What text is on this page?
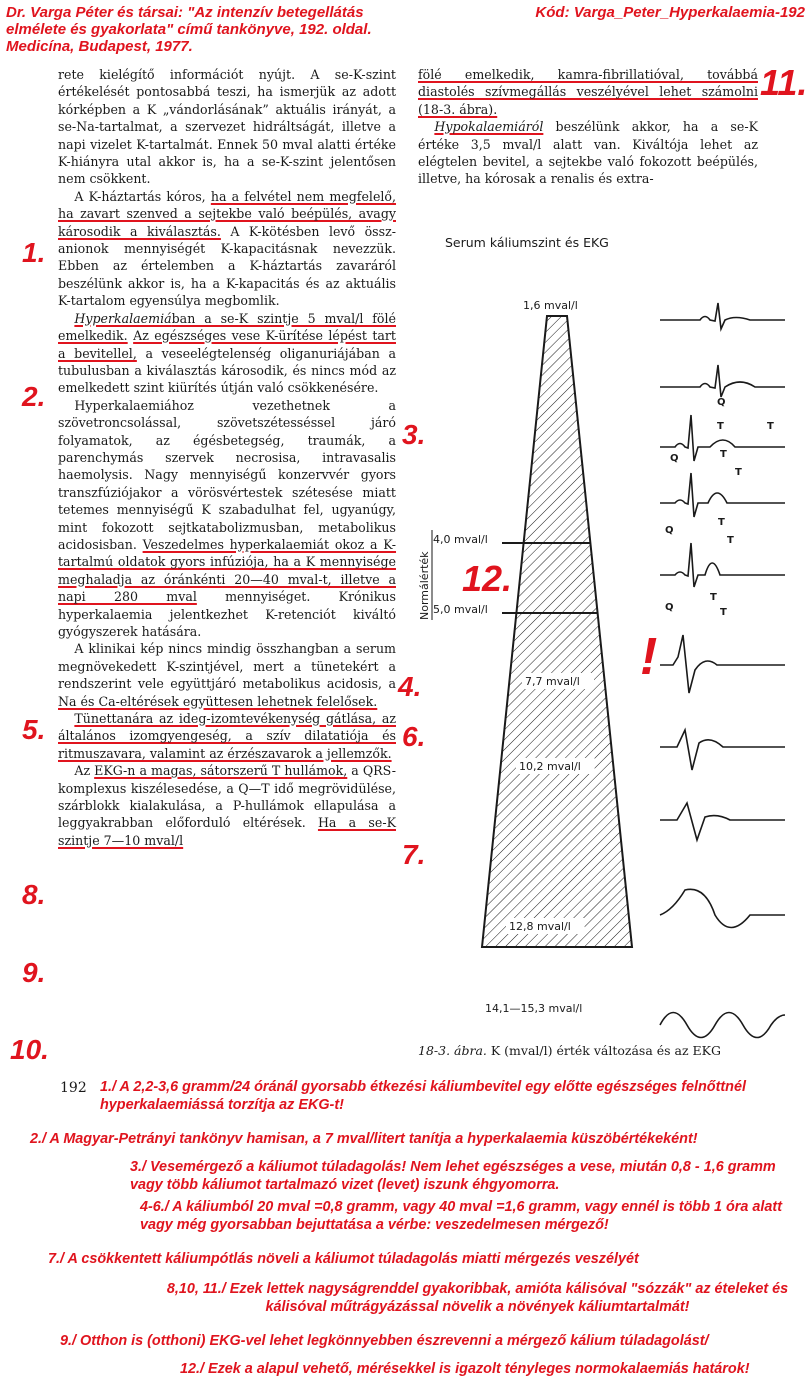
Dr. Varga Péter és társai: "Az intenzív betegellátás elmélete és gyakorlata" című tankönyve, 192. oldal. Medicína, Budapest, 1977.
Kód: Varga_Peter_Hyperkalaemia-192

rete kielégítő információt nyújt. A se-K-szint értékelését pontosabbá teszi, ha ismerjük az adott kórképben a K „vándorlásának” aktuális irányát, a se-Na-tartalmat, a szervezet hidráltságát, illetve a napi vizelet K-tartalmát. Ennek 50 mval alatti értéke K-hiányra utal akkor is, ha a se-K-szint jelentősen nem csökkent.

A K-háztartás kóros, ha a felvétel nem megfelelő, ha zavart szenved a sejtekbe való beépülés, avagy károsodik a kiválasztás. A K-kötésben levő össz-anionok mennyiségét K-kapacitásnak nevezzük. Ebben az értelemben a K-háztartás zavaráról beszélünk akkor is, ha a K-kapacitás és az aktuális K-tartalom egyensúlya megbomlik.

Hyperkalaemiában a se-K szintje 5 mval/l fölé emelkedik. Az egészséges vese K-ürítése lépést tart a bevitellel, a veseelégtelenség oliganuriájában a tubulusban a kiválasztás károsodik, és nincs mód az emelkedett szint kiürítés útján való csökkenésére.

Hyperkalaemiához vezethetnek a szövetroncsolással, szövetszétesséssel járó folyamatok, az égésbetegség, traumák, a parenchymás szervek necrosisa, intravasalis haemolysis. Nagy mennyiségű konzervvér gyors transzfúziójakor a vörösvértestek szétesése miatt tetemes mennyiségű K szabadulhat fel, ugyanúgy, mint fokozott sejtkatabolizmusban, metabolikus acidosisban. Veszedelmes hyperkalaemiát okoz a K-tartalmú oldatok gyors infúziója, ha a K mennyisége meghaladja az óránkénti 20—40 mval-t, illetve a napi 280 mval mennyiséget. Krónikus hyperkalaemia jelentkezhet K-retenciót kiváltó gyógyszerek hatására.

A klinikai kép nincs mindig összhangban a serum megnövekedett K-szintjével, mert a tünetekért a rendszerint vele együttjáró metabolikus acidosis, a Na és Ca-eltérések együttesen lehetnek felelősek.

Tünettanára az ideg-izomtevékenység gátlása, az általános izomgyengeség, a szív dilatatiója és ritmuszavara, valamint az érzészavarok a jellemzők.

Az EKG-n a magas, sátorszerű T hullámok, a QRS-komplexus kiszélesedése, a Q—T idő megrövidülése, szárblokk kialakulása, a P-hullámok ellapulása a leggyakrabban előforduló eltérések. Ha a se-K szintje 7—10 mval/l

fölé emelkedik, kamra-fibrillatióval, továbbá diastolés szívmegállás veszélyével lehet számolni (18-3. ábra).

Hypokalaemiáról beszélünk akkor, ha a se-K értéke 3,5 mval/l alatt van. Kiváltója lehet az elégtelen bevitel, a sejtekbe való fokozott beépülés, illetve, ha kórosak a renalis és extra-

1.
2.
3.
4.
5.	6.
7.
8.
9.
10.
11.
12.
!
Serum káliumszint és EKG
1,6 mval/l
4,0 mval/l
5,0 mval/l
7,7 mval/l
10,2 mval/l
12,8 mval/l
14,1—15,3 mval/l
Normálérték
Q
T	T
Q	T
T
Q
T
T
Q
T
T
18-3. ábra. K (mval/l) érték változása és az EKG
192 1./ A 2,2-3,6 gramm/24 óránál gyorsabb étkezési káliumbevitel egy előtte egészséges felnőttnél hyperkalaemiássá torzítja az EKG-t!
2./ A Magyar-Petrányi tankönyv hamisan, a 7 mval/litert tanítja a hyperkalaemia küszöbértékeként!
3./ Vesemérgező a káliumot túladagolás! Nem lehet egészséges a vese, miután 0,8 - 1,6 gramm vagy több káliumot tartalmazó vizet (levet) iszunk éhgyomorra.
4-6./ A káliumból 20 mval =0,8 gramm, vagy 40 mval =1,6 gramm, vagy ennél is több 1 óra alatt vagy még gyorsabban bejuttatása a vérbe: veszedelmesen mérgező!
7./ A csökkentett káliumpótlás növeli a káliumot túladagolás miatti mérgezés veszélyét
8,10, 11./ Ezek lettek nagyságrenddel gyakoribbak, amióta kálisóval "sózzák" az ételeket és kálisóval műtrágyázással növelik a növények káliumtartalmát!
9./ Otthon is (otthoni) EKG-vel lehet legkönnyebben észrevenni a mérgező kálium túladagolást/
12./ Ezek a alapul vehető, mérésekkel is igazolt tényleges normokalaemiás határok!
